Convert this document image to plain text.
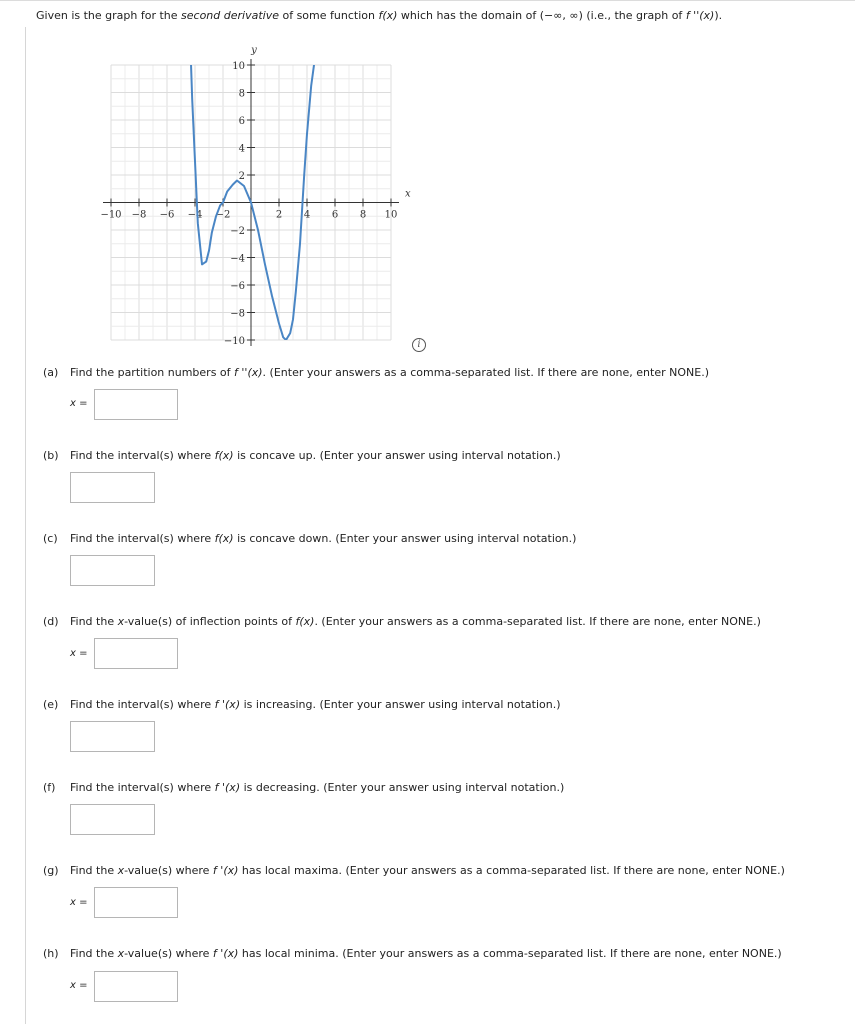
Given is the graph for the second derivative of some function f(x) which has the domain of (−∞, ∞) (i.e., the graph of f ''(x)).
x
y
−10 −8 −6 −4 −2	2 4 6 8 10
10
8
6
4
2
−2
−4
−6
−8
−10	i
(a) Find the partition numbers of f ''(x). (Enter your answers as a comma-separated list. If there are none, enter NONE.)
x =
(b) Find the interval(s) where f(x) is concave up. (Enter your answer using interval notation.)
(c) Find the interval(s) where f(x) is concave down. (Enter your answer using interval notation.)
(d) Find the x-value(s) of inflection points of f(x). (Enter your answers as a comma-separated list. If there are none, enter NONE.)
x =
(e) Find the interval(s) where f '(x) is increasing. (Enter your answer using interval notation.)
(f) Find the interval(s) where f '(x) is decreasing. (Enter your answer using interval notation.)
(g) Find the x-value(s) where f '(x) has local maxima. (Enter your answers as a comma-separated list. If there are none, enter NONE.)
x =
(h) Find the x-value(s) where f '(x) has local minima. (Enter your answers as a comma-separated list. If there are none, enter NONE.)
x =
